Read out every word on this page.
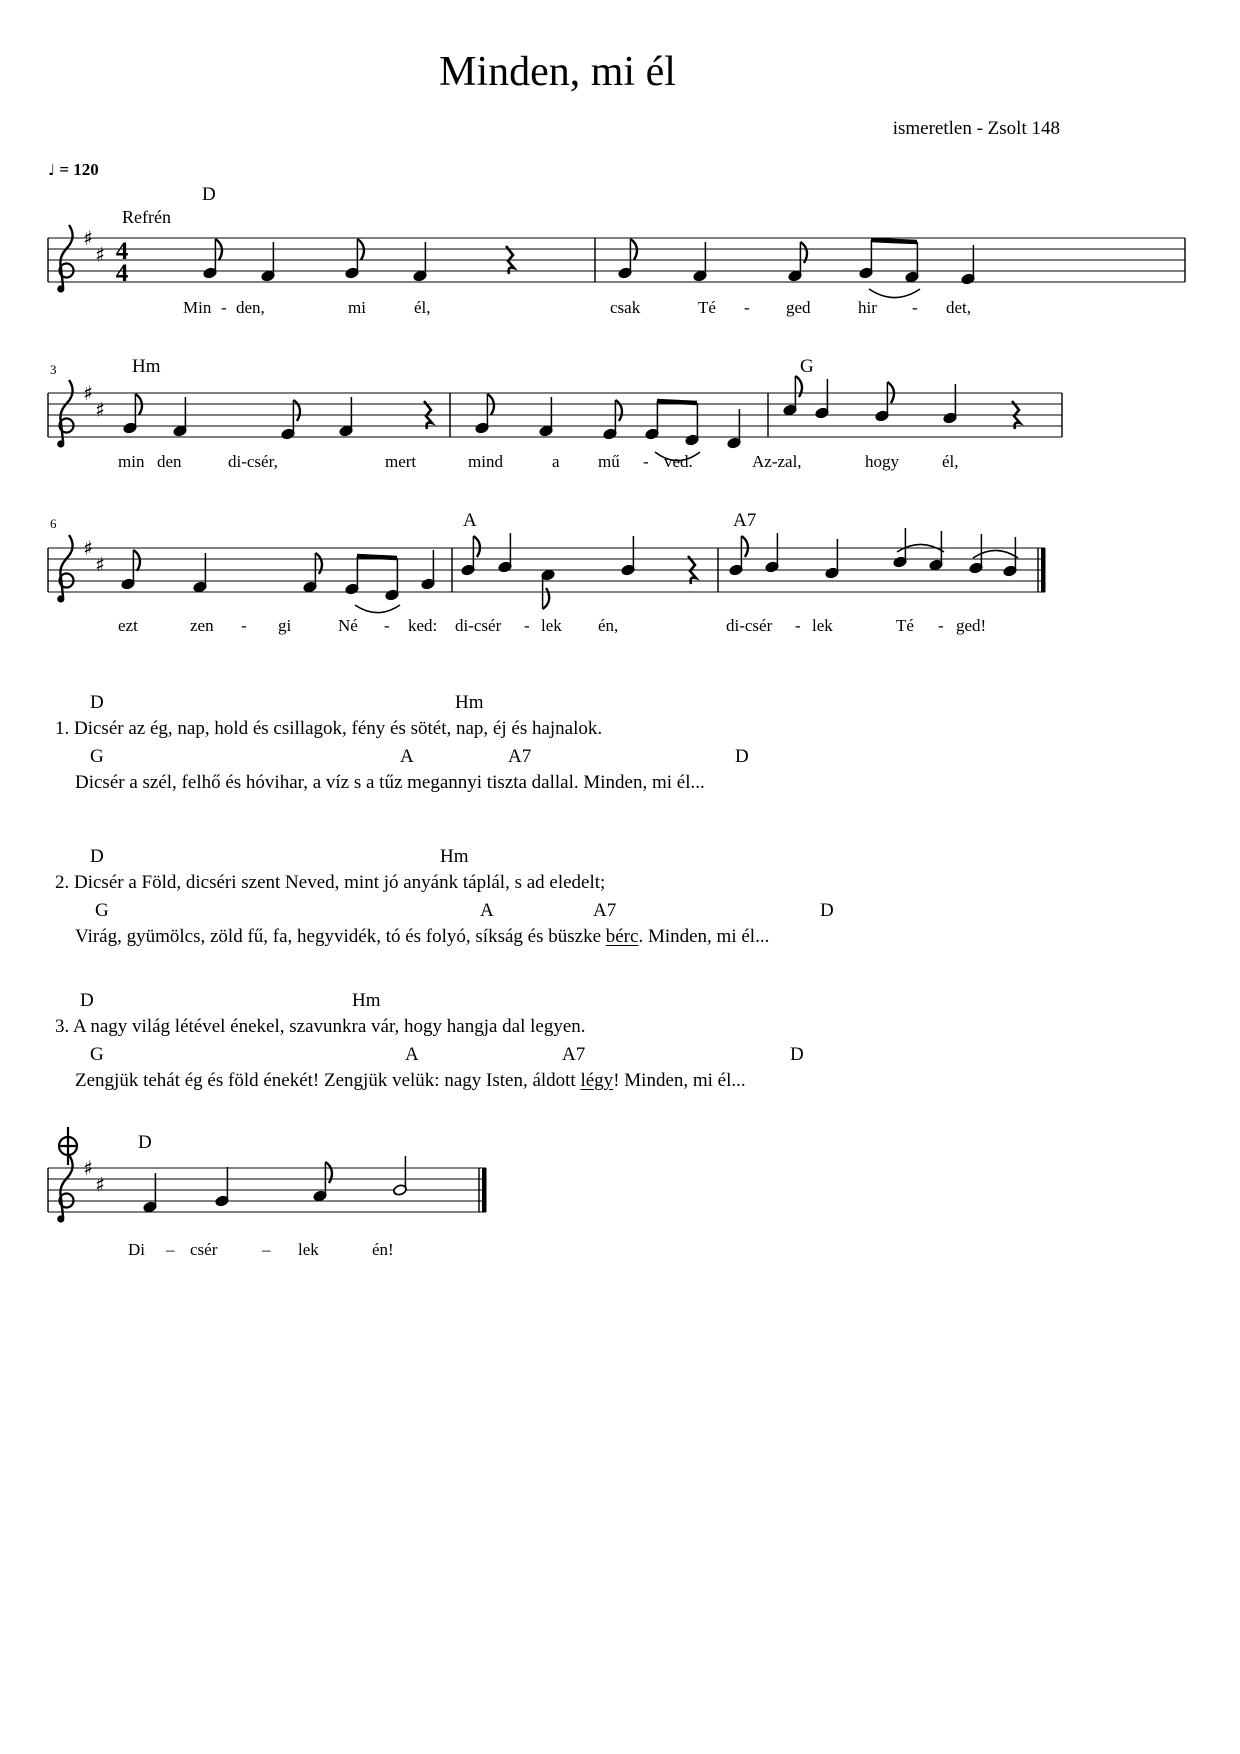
Minden, mi él
ismeretlen - Zsolt 148
♩ = 120
♯
♯ 4
4
♯
♯
♯
♯
♯
♯
D
Refrén
Min - den,	mi	él,	csak	Té - ged	hir - det,
3	Hm	G
min den	di-csér,	mert	mind	a mű - ved.	Az-zal,	hogy	él,
6	A	A7
ezt	zen - gi	Né - ked: di-csér - lek én,	di-csér - lek	Té - ged!
D
Di – csér	– lek	én!
D	Hm
1. Dicsér az ég, nap, hold és csillagok, fény és sötét, nap, éj és hajnalok.
G	A	A7	D
Dicsér a szél, felhő és hóvihar, a víz s a tűz megannyi tiszta dallal. Minden, mi él...
D	Hm
2. Dicsér a Föld, dicséri szent Neved, mint jó anyánk táplál, s ad eledelt;
G	A	A7	D
Virág, gyümölcs, zöld fű, fa, hegyvidék, tó és folyó, síkság és büszke bérc. Minden, mi él...
D	Hm
3. A nagy világ létével énekel, szavunkra vár, hogy hangja dal legyen.
G	A	A7	D
Zengjük tehát ég és föld énekét! Zengjük velük: nagy Isten, áldott légy! Minden, mi él...
